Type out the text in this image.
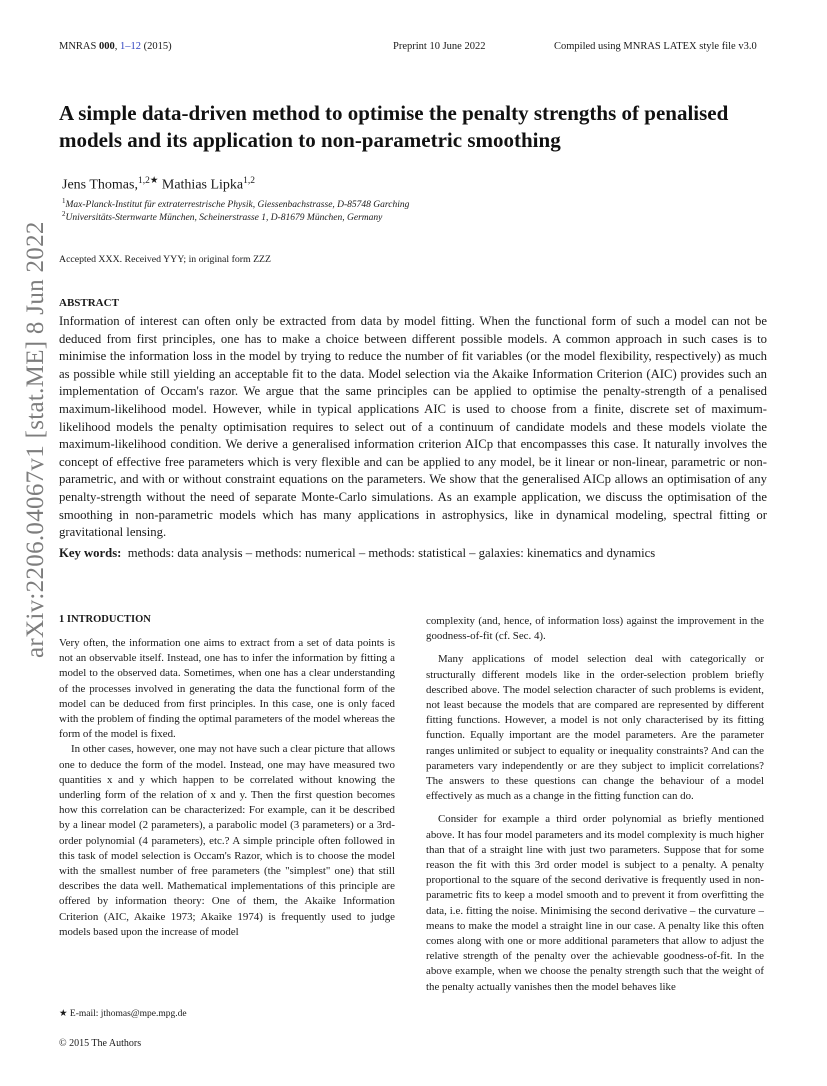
MNRAS 000, 1–12 (2015)	Preprint 10 June 2022	Compiled using MNRAS LATEX style file v3.0
arXiv:2206.04067v1 [stat.ME] 8 Jun 2022
A simple data-driven method to optimise the penalty strengths of penalised models and its application to non-parametric smoothing
Jens Thomas,$^{1,2★}$ Mathias Lipka$^{1,2}$
$^1$Max-Planck-Institut für extraterrestrische Physik, Giessenbachstrasse, D-85748 Garching
$^2$Universitäts-Sternwarte München, Scheinerstrasse 1, D-81679 München, Germany
Accepted XXX. Received YYY; in original form ZZZ
ABSTRACT

Information of interest can often only be extracted from data by model fitting. When the functional form of such a model can not be deduced from first principles, one has to make a choice between different possible models. A common approach in such cases is to minimise the information loss in the model by trying to reduce the number of fit variables (or the model flexibility, respectively) as much as possible while still yielding an acceptable fit to the data. Model selection via the Akaike Information Criterion (AIC) provides such an implementation of Occam's razor. We argue that the same principles can be applied to optimise the penalty-strength of a penalised maximum-likelihood model. However, while in typical applications AIC is used to choose from a finite, discrete set of maximum-likelihood models the penalty optimisation requires to select out of a continuum of candidate models and these models violate the maximum-likelihood condition. We derive a generalised information criterion AICp that encompasses this case. It naturally involves the concept of effective free parameters which is very flexible and can be applied to any model, be it linear or non-linear, parametric or non-parametric, and with or without constraint equations on the parameters. We show that the generalised AICp allows an optimisation of any penalty-strength without the need of separate Monte-Carlo simulations. As an example application, we discuss the optimisation of the smoothing in non-parametric models which has many applications in astrophysics, like in dynamical modeling, spectral fitting or gravitational lensing.

Key words: methods: data analysis – methods: numerical – methods: statistical – galaxies: kinematics and dynamics
1 INTRODUCTION

Very often, the information one aims to extract from a set of data points is not an observable itself. Instead, one has to infer the information by fitting a model to the observed data. Sometimes, when one has a clear understanding of the processes involved in generating the data the functional form of the model can be deduced from first principles. In this case, one is only faced with the problem of finding the optimal parameters of the model whereas the form of the model is fixed.

In other cases, however, one may not have such a clear picture that allows one to deduce the form of the model. Instead, one may have measured two quantities x and y which happen to be correlated without knowing the underling form of the relation of x and y. Then the first question becomes how this correlation can be characterized: For example, can it be described by a linear model (2 parameters), a parabolic model (3 parameters) or a 3rd-order polynomial (4 parameters), etc.? A simple principle often followed in this task of model selection is Occam's Razor, which is to choose the model with the smallest number of free parameters (the "simplest" one) that still describes the data well. Mathematical implementations of this principle are offered by information theory: One of them, the Akaike Information Criterion (AIC, Akaike 1973; Akaike 1974) is frequently used to judge models based upon the increase of model

complexity (and, hence, of information loss) against the improvement in the goodness-of-fit (cf. Sec. 4).

Many applications of model selection deal with categorically or structurally different models like in the order-selection problem briefly described above. The model selection character of such problems is evident, not least because the models that are compared are represented by different fitting functions. However, a model is not only characterised by its fitting function. Equally important are the model parameters. Are the parameter ranges unlimited or subject to equality or inequality constraints? And can the parameters vary independently or are they subject to implicit correlations? The answers to these questions can change the behaviour of a model effectively as much as a change in the fitting function can do.

Consider for example a third order polynomial as briefly mentioned above. It has four model parameters and its model complexity is much higher than that of a straight line with just two parameters. Suppose that for some reason the fit with this 3rd order model is subject to a penalty. A penalty proportional to the square of the second derivative is frequently used in non-parametric fits to keep a model smooth and to prevent it from overfitting the data, i.e. fitting the noise. Minimising the second derivative – the curvature – means to make the model a straight line in our case. A penalty like this often comes along with one or more additional parameters that allow to adjust the relative strength of the penalty over the achievable goodness-of-fit. In the above example, when we choose the penalty strength such that the weight of the penalty actually vanishes then the model behaves like

★ E-mail: jthomas@mpe.mpg.de
© 2015 The Authors
